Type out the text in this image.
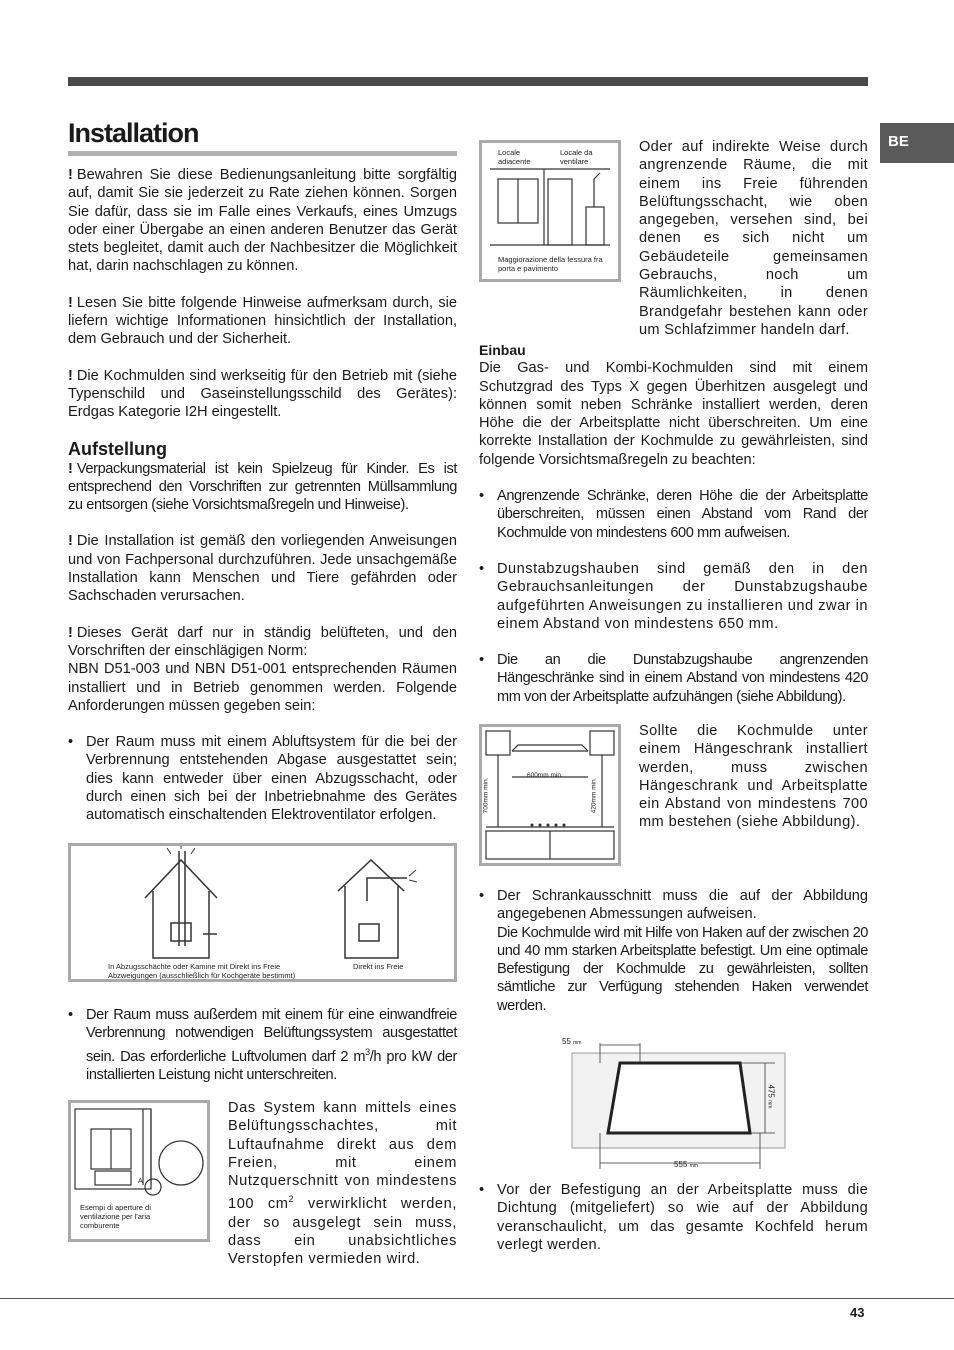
BE
Installation

! Bewahren Sie diese Bedienungsanleitung bitte sorgfältig auf, damit Sie sie jederzeit zu Rate ziehen können. Sorgen Sie dafür, dass sie im Falle eines Verkaufs, eines Umzugs oder einer Übergabe an einen anderen Benutzer das Gerät stets begleitet, damit auch der Nachbesitzer die Möglichkeit hat, darin nachschlagen zu können.

! Lesen Sie bitte folgende Hinweise aufmerksam durch, sie liefern wichtige Informationen hinsichtlich der Installation, dem Gebrauch und der Sicherheit.

! Die Kochmulden sind werkseitig für den Betrieb mit (siehe Typenschild und Gaseinstellungsschild des Gerätes): Erdgas Kategorie I2H eingestellt.

Aufstellung

! Verpackungsmaterial ist kein Spielzeug für Kinder. Es ist entsprechend den Vorschriften zur getrennten Müllsammlung zu entsorgen (siehe Vorsichtsmaßregeln und Hinweise).

! Die Installation ist gemäß den vorliegenden Anweisungen und von Fachpersonal durchzuführen. Jede unsachgemäße Installation kann Menschen und Tiere gefährden oder Sachschaden verursachen.

! Dieses Gerät darf nur in ständig belüfteten, und den Vorschriften der einschlägigen Norm:

NBN D51-003 und NBN D51-001 entsprechenden Räumen installiert und in Betrieb genommen werden. Folgende Anforderungen müssen gegeben sein:

• Der Raum muss mit einem Abluftsystem für die bei der Verbrennung entstehenden Abgase ausgestattet sein; dies kann entweder über einen Abzugsschacht, oder durch einen sich bei der Inbetriebnahme des Gerätes automatisch einschaltenden Elektroventilator erfolgen.

In Abzugsschächte oder Kamine mit Direkt ins Freie Abzweigungen (ausschließlich für Kochgeräte bestimmt)
Direkt ins Freie

• Der Raum muss außerdem mit einem für eine einwandfreie Verbrennung notwendigen Belüftungssystem ausgestattet sein. Das erforderliche Luftvolumen darf 2 $m^3/h$ pro kW der installierten Leistung nicht unterschreiten.

A
Esempi di aperture di ventilazione per l'aria comburente

Das System kann mittels eines Belüftungsschachtes, mit Luftaufnahme direkt aus dem Freien, mit einem Nutzquerschnitt von mindestens 100 $cm^2$ verwirklicht werden, der so ausgelegt sein muss, dass ein unabsichtliches Verstopfen vermieden wird.

Locale adiacente
Locale da ventilare
Maggiorazione della fessura fra porta e pavimento

Oder auf indirekte Weise durch angrenzende Räume, die mit einem ins Freie führenden Belüftungsschacht, wie oben angegeben, versehen sind, bei denen es sich nicht um Gebäudeteile gemeinsamen Gebrauchs, noch um Räumlichkeiten, in denen Brandgefahr bestehen kann oder um Schlafzimmer handeln darf.

Einbau

Die Gas- und Kombi-Kochmulden sind mit einem Schutzgrad des Typs X gegen Überhitzen ausgelegt und können somit neben Schränke installiert werden, deren Höhe die der Arbeitsplatte nicht überschreiten. Um eine korrekte Installation der Kochmulde zu gewährleisten, sind folgende Vorsichtsmaßregeln zu beachten:

• Angrenzende Schränke, deren Höhe die der Arbeitsplatte überschreiten, müssen einen Abstand vom Rand der Kochmulde von mindestens 600 mm aufweisen.

• Dunstabzugshauben sind gemäß den in den Gebrauchsanleitungen der Dunstabzugshaube aufgeführten Anweisungen zu installieren und zwar in einem Abstand von mindestens 650 mm.

• Die an die Dunstabzugshaube angrenzenden Hängeschränke sind in einem Abstand von mindestens 420 mm von der Arbeitsplatte aufzuhängen (siehe Abbildung).

600mm min.
700mm min.	420mm min.

Sollte die Kochmulde unter einem Hängeschrank installiert werden, muss zwischen Hängeschrank und Arbeitsplatte ein Abstand von mindestens 700 mm bestehen (siehe Abbildung).

• Der Schrankausschnitt muss die auf der Abbildung angegebenen Abmessungen aufweisen.
Die Kochmulde wird mit Hilfe von Haken auf der zwischen 20 und 40 mm starken Arbeitsplatte befestigt. Um eine optimale Befestigung der Kochmulde zu gewährleisten, sollten sämtliche zur Verfügung stehenden Haken verwendet werden.

55 mm
555 mm
475 mm

• Vor der Befestigung an der Arbeitsplatte muss die Dichtung (mitgeliefert) so wie auf der Abbildung veranschaulicht, um das gesamte Kochfeld herum verlegt werden.

43
